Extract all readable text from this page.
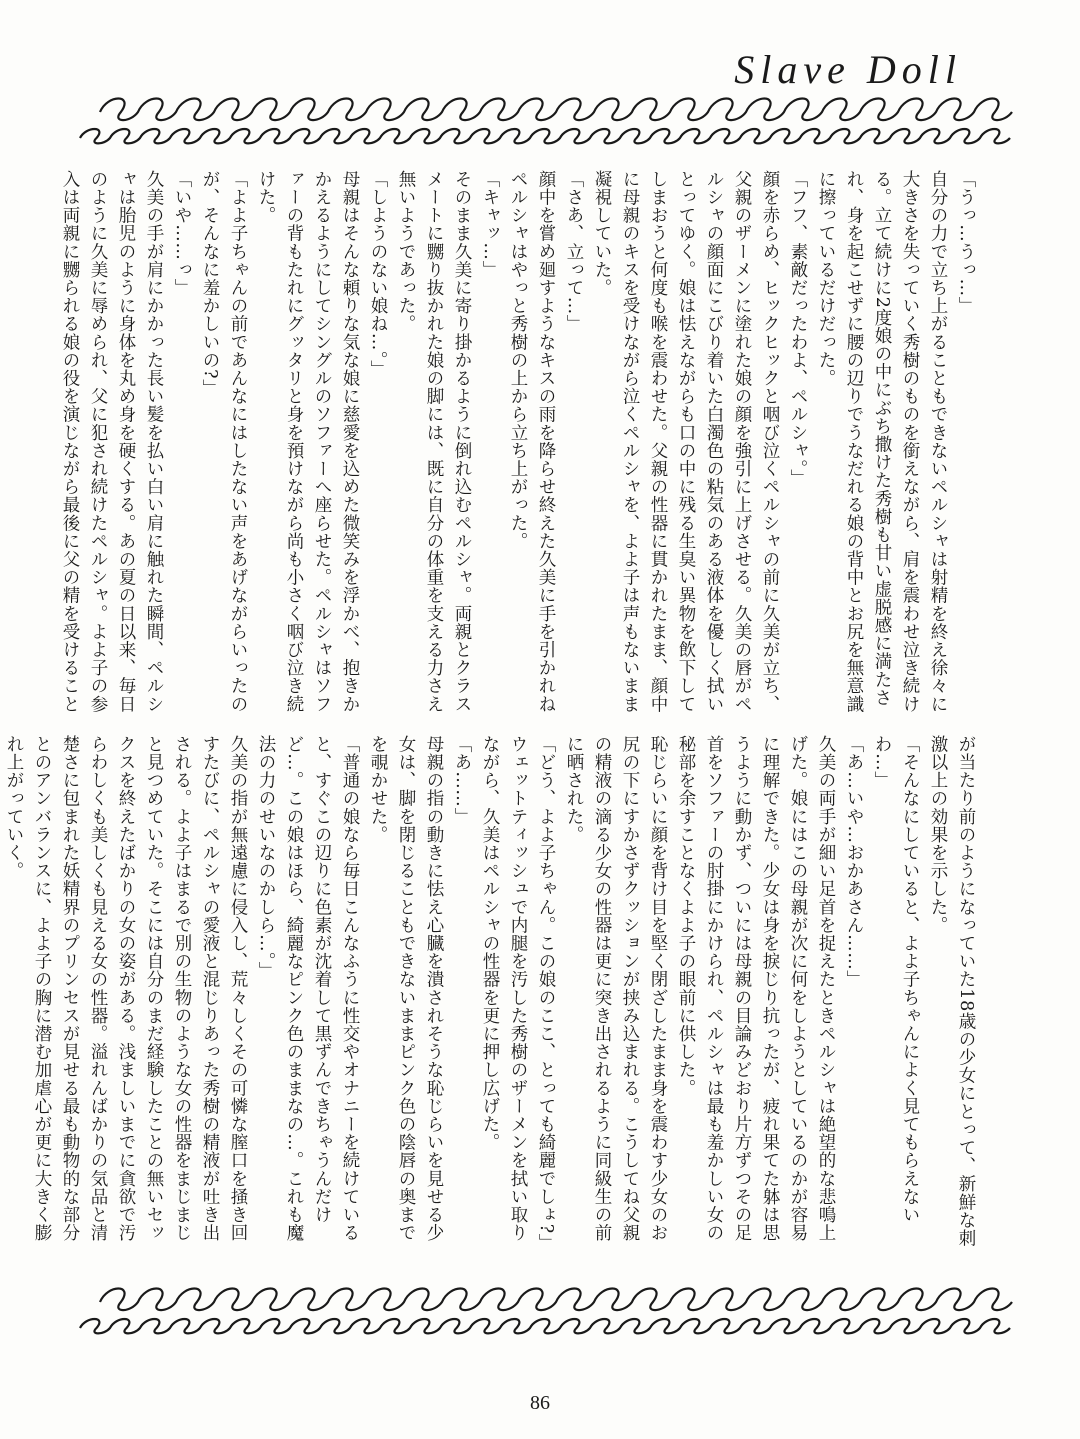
Slave Doll

「うっ…うっ…」

自分の力で立ち上がることもできないペルシャは射精を終え徐々に大きさを失っていく秀樹のものを銜えながら、肩を震わせ泣き続ける。立て続けに2度娘の中にぶち撒けた秀樹も甘い虚脱感に満たされ、身を起こせずに腰の辺りでうなだれる娘の背中とお尻を無意識に擦っているだけだった。

「フフ、素敵だったわよ、ペルシャ。」

顔を赤らめ、ヒックヒックと咽び泣くペルシャの前に久美が立ち、父親のザーメンに塗れた娘の顔を強引に上げさせる。久美の唇がペルシャの顔面にこびり着いた白濁色の粘気のある液体を優しく拭いとってゆく。娘は怯えながらも口の中に残る生臭い異物を飲下してしまおうと何度も喉を震わせた。父親の性器に貫かれたまま、顔中に母親のキスを受けながら泣くペルシャを、よよ子は声もないまま凝視していた。

「さあ、立って…」

顔中を嘗め廻すようなキスの雨を降らせ終えた久美に手を引かれねペルシャはやっと秀樹の上から立ち上がった。

「キャッ…」

そのまま久美に寄り掛かるように倒れ込むペルシャ。両親とクラスメートに嬲り抜かれた娘の脚には、既に自分の体重を支える力さえ無いようであった。

「しようのない娘ね…。」

母親はそんな頼りな気な娘に慈愛を込めた微笑みを浮かべ、抱きかかえるようにしてシングルのソファーへ座らせた。ペルシャはソファーの背もたれにグッタリと身を預けながら尚も小さく咽び泣き続けた。

「よよ子ちゃんの前であんなにはしたない声をあげながらいったのが、そんなに羞かしいの?」

「いや……っ」

久美の手が肩にかかった長い髪を払い白い肩に触れた瞬間、ペルシャは胎児のように身体を丸め身を硬くする。あの夏の日以来、毎日のように久美に辱められ、父に犯され続けたペルシャ。よよ子の参入は両親に嬲られる娘の役を演じながら最後に父の精を受けること

が当たり前のようになっていた18歳の少女にとって、新鮮な刺激以上の効果を示した。

「そんなにしていると、よよ子ちゃんによく見てもらえないわ…」

「あ…いや…おかあさん……」

久美の両手が細い足首を捉えたときペルシャは絶望的な悲鳴上げた。娘にはこの母親が次に何をしようとしているのかが容易に理解できた。少女は身を捩じり抗ったが、疲れ果てた躰は思うように動かず、ついには母親の目論みどおり片方ずつその足首をソファーの肘掛にかけられ、ペルシャは最も羞かしい女の秘部を余すことなくよよ子の眼前に供した。

恥じらいに顔を背け目を堅く閉ざしたまま身を震わす少女のお尻の下にすかさずクッションが挟み込まれる。こうしてね父親の精液の滴る少女の性器は更に突き出されるように同級生の前に晒された。

「どう、よよ子ちゃん。この娘のここ、とっても綺麗でしょ?」

ウェットティッシュで内腿を汚した秀樹のザーメンを拭い取りながら、久美はペルシャの性器を更に押し広げた。

「あ……」

母親の指の動きに怯え心臓を潰されそうな恥じらいを見せる少女は、脚を閉じることもできないままピンク色の陰唇の奥までを覗かせた。

「普通の娘なら毎日こんなふうに性交やオナニーを続けていると、すぐこの辺りに色素が沈着して黒ずんできちゃうんだけど…。この娘はほら、綺麗なピンク色のままなの…。これも魔法の力のせいなのかしら…。」

久美の指が無遠慮に侵入し、荒々しくその可憐な膣口を掻き回すたびに、ペルシャの愛液と混じりあった秀樹の精液が吐き出される。よよ子はまるで別の生物のような女の性器をまじまじと見つめていた。そこには自分のまだ経験したことの無いセックスを終えたばかりの女の姿がある。浅ましいまでに貪欲で汚らわしくも美しくも見える女の性器。溢れんばかりの気品と清楚さに包まれた妖精界のプリンセスが見せる最も動物的な部分とのアンバランスに、よよ子の胸に潜む加虐心が更に大きく膨れ上がっていく。

86
